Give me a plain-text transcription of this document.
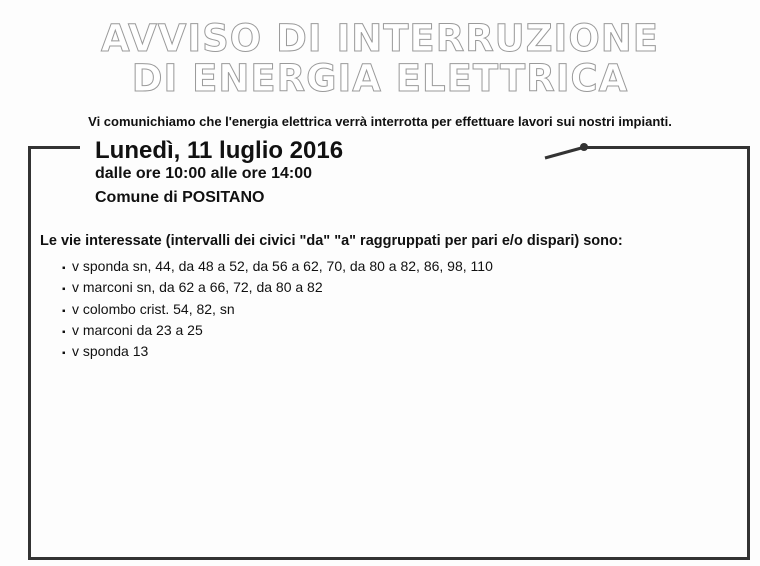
AVVISO DI INTERRUZIONE
DI ENERGIA ELETTRICA
Vi comunichiamo che l'energia elettrica verrà interrotta per effettuare lavori sui nostri impianti.
Lunedì, 11 luglio 2016
dalle ore 10:00 alle ore 14:00
Comune di POSITANO
Le vie interessate (intervalli dei civici "da" "a" raggruppati per pari e/o dispari) sono:
▪ v sponda sn, 44, da 48 a 52, da 56 a 62, 70, da 80 a 82, 86, 98, 110
▪ v marconi sn, da 62 a 66, 72, da 80 a 82
▪ v colombo crist. 54, 82, sn
▪ v marconi da 23 a 25
▪ v sponda 13
